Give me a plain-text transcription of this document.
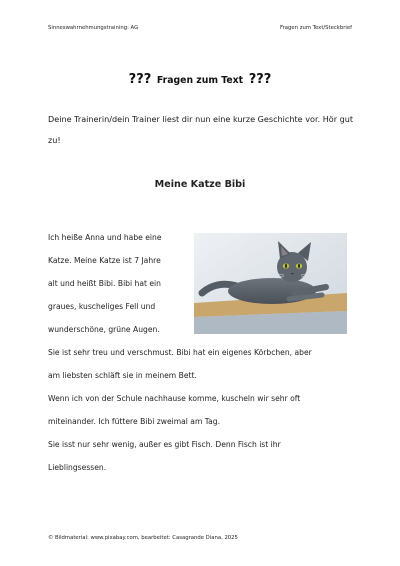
Sinneswahrnehmungstraining: AG	Fragen zum Text/Steckbrief
??? Fragen zum Text ???
Deine Trainerin/dein Trainer liest dir nun eine kurze Geschichte vor. Hör gut zu!
Meine Katze Bibi
Ich heiße Anna und habe eine
Katze. Meine Katze ist 7 Jahre
alt und heißt Bibi. Bibi hat ein
graues, kuscheliges Fell und
wunderschöne, grüne Augen.
Sie ist sehr treu und verschmust. Bibi hat ein eigenes Körbchen, aber
am liebsten schläft sie in meinem Bett.
Wenn ich von der Schule nachhause komme, kuscheln wir sehr oft
miteinander. Ich füttere Bibi zweimal am Tag.
Sie isst nur sehr wenig, außer es gibt Fisch. Denn Fisch ist ihr
Lieblingsessen.
© Bildmaterial: www.pixabay.com, bearbeitet: Casagrande Diana, 2025
